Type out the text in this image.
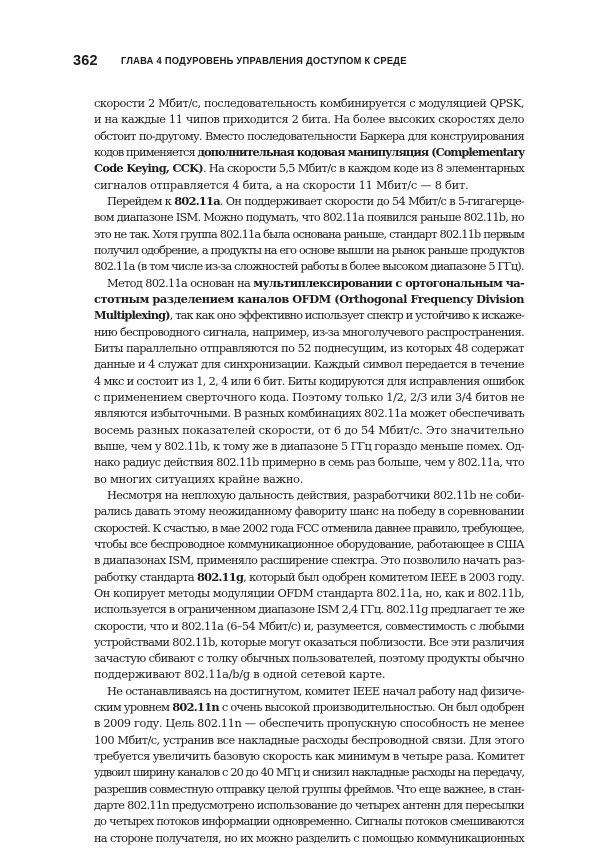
362 ГЛАВА 4 ПОДУРОВЕНЬ УПРАВЛЕНИЯ ДОСТУПОМ К СРЕДЕ
скорости 2 Мбит/с, последовательность комбинируется с модуляцией QPSK,
и на каждые 11 чипов приходится 2 бита. На более высоких скоростях дело
обстоит по-другому. Вместо последовательности Баркера для конструирования
кодов применяется дополнительная кодовая манипуляция (Complementary
Code Keying, CCK). На скорости 5,5 Мбит/с в каждом коде из 8 элементарных
сигналов отправляется 4 бита, а на скорости 11 Мбит/с — 8 бит.
Перейдем к 802.11a. Он поддерживает скорости до 54 Мбит/с в 5-гигагерце-
вом диапазоне ISM. Можно подумать, что 802.11a появился раньше 802.11b, но
это не так. Хотя группа 802.11a была основана раньше, стандарт 802.11b первым
получил одобрение, а продукты на его основе вышли на рынок раньше продуктов
802.11a (в том числе из-за сложностей работы в более высоком диапазоне 5 ГГц).
Метод 802.11a основан на мультиплексировании с ортогональным ча-
стотным разделением каналов OFDM (Orthogonal Frequency Division
Multiplexing), так как оно эффективно использует спектр и устойчиво к искаже-
нию беспроводного сигнала, например, из-за многолучевого распространения.
Биты параллельно отправляются по 52 поднесущим, из которых 48 содержат
данные и 4 служат для синхронизации. Каждый символ передается в течение
4 мкс и состоит из 1, 2, 4 или 6 бит. Биты кодируются для исправления ошибок
с применением сверточного кода. Поэтому только 1/2, 2/3 или 3/4 битов не
являются избыточными. В разных комбинациях 802.11a может обеспечивать
восемь разных показателей скорости, от 6 до 54 Мбит/с. Это значительно
выше, чем у 802.11b, к тому же в диапазоне 5 ГГц гораздо меньше помех. Од-
нако радиус действия 802.11b примерно в семь раз больше, чем у 802.11a, что
во многих ситуациях крайне важно.
Несмотря на неплохую дальность действия, разработчики 802.11b не соби-
рались давать этому неожиданному фавориту шанс на победу в соревновании
скоростей. К счастью, в мае 2002 года FCC отменила давнее правило, требующее,
чтобы все беспроводное коммуникационное оборудование, работающее в США
в диапазонах ISM, применяло расширение спектра. Это позволило начать раз-
работку стандарта 802.11g, который был одобрен комитетом IEEE в 2003 году.
Он копирует методы модуляции OFDM стандарта 802.11a, но, как и 802.11b,
используется в ограниченном диапазоне ISM 2,4 ГГц. 802.11g предлагает те же
скорости, что и 802.11a (6–54 Мбит/с) и, разумеется, совместимость с любыми
устройствами 802.11b, которые могут оказаться поблизости. Все эти различия
зачастую сбивают с толку обычных пользователей, поэтому продукты обычно
поддерживают 802.11a/b/g в одной сетевой карте.
Не останавливаясь на достигнутом, комитет IEEE начал работу над физиче-
ским уровнем 802.11n с очень высокой производительностью. Он был одобрен
в 2009 году. Цель 802.11n — обеспечить пропускную способность не менее
100 Мбит/с, устранив все накладные расходы беспроводной связи. Для этого
требуется увеличить базовую скорость как минимум в четыре раза. Комитет
удвоил ширину каналов с 20 до 40 МГц и снизил накладные расходы на передачу,
разрешив совместную отправку целой группы фреймов. Что еще важнее, в стан-
дарте 802.11n предусмотрено использование до четырех антенн для пересылки
до четырех потоков информации одновременно. Сигналы потоков смешиваются
на стороне получателя, но их можно разделить с помощью коммуникационных
